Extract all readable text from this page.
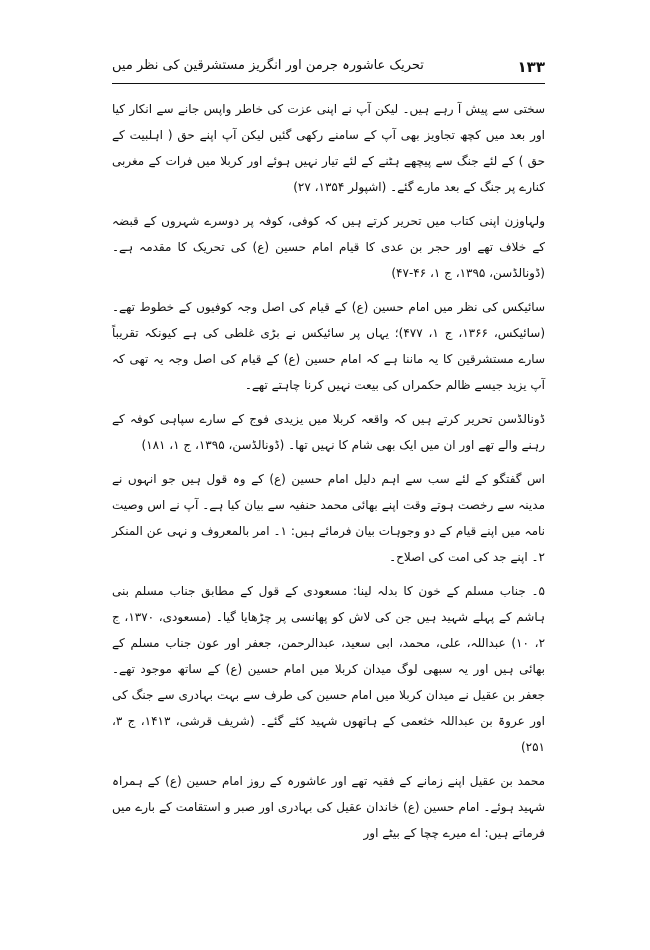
۱۳۳
تحریک عاشورہ جرمن اور انگریز مستشرقین کی نظر میں

سختی سے پیش آ رہے ہیں۔ لیکن آپ نے اپنی عزت کی خاطر واپس جانے سے انکار کیا اور بعد میں کچھ تجاویز بھی آپ کے سامنے رکھی گئیں لیکن آپ اپنے حق ( اہلبیت کے حق ) کے لئے جنگ سے پیچھے ہٹنے کے لئے تیار نہیں ہوئے اور کربلا میں فرات کے مغربی کنارے پر جنگ کے بعد مارے گئے۔ (اشپولر ۱۳۵۴، ۲۷)

ولہاوزن اپنی کتاب میں تحریر کرتے ہیں کہ کوفی، کوفہ پر دوسرے شہروں کے قبضہ کے خلاف تھے اور حجر بن عدی کا قیام امام حسین (ع) کی تحریک کا مقدمہ ہے۔ (ڈونالڈسن، ۱۳۹۵، ج ۱، ۴۶-۴۷)

سائیکس کی نظر میں امام حسین (ع) کے قیام کی اصل وجہ کوفیوں کے خطوط تھے۔ (سائیکس، ۱۳۶۶، ج ۱، ۴۷۷)؛ یہاں پر سائیکس نے بڑی غلطی کی ہے کیونکہ تقریباً سارے مستشرقین کا یہ ماننا ہے کہ امام حسین (ع) کے قیام کی اصل وجہ یہ تھی کہ آپ یزید جیسے ظالم حکمراں کی بیعت نہیں کرنا چاہتے تھے۔

ڈونالڈسن تحریر کرتے ہیں کہ واقعہ کربلا میں یزیدی فوج کے سارے سپاہی کوفہ کے رہنے والے تھے اور ان میں ایک بھی شام کا نہیں تھا۔ (ڈونالڈسن، ۱۳۹۵، ج ۱، ۱۸۱)

اس گفتگو کے لئے سب سے اہم دلیل امام حسین (ع) کے وہ قول ہیں جو انہوں نے مدینہ سے رخصت ہوتے وقت اپنے بھائی محمد حنفیہ سے بیان کیا ہے۔ آپ نے اس وصیت نامہ میں اپنے قیام کے دو وجوہات بیان فرمائے ہیں: ۱۔ امر بالمعروف و نہی عن المنکر ۲۔ اپنے جد کی امت کی اصلاح۔

۵۔ جناب مسلم کے خون کا بدلہ لینا: مسعودی کے قول کے مطابق جناب مسلم بنی ہاشم کے پہلے شہید ہیں جن کی لاش کو پھانسی پر چڑھایا گیا۔ (مسعودی، ۱۳۷۰، ج ۲، ۱۰) عبداللہ، علی، محمد، ابی سعید، عبدالرحمن، جعفر اور عون جناب مسلم کے بھائی ہیں اور یہ سبھی لوگ میدان کربلا میں امام حسین (ع) کے ساتھ موجود تھے۔ جعفر بن عقیل نے میدان کربلا میں امام حسین کی طرف سے بہت بہادری سے جنگ کی اور عروۃ بن عبداللہ خثعمی کے ہاتھوں شہید کئے گئے۔ (شریف قرشی، ۱۴۱۳، ج ۳، ۲۵۱)

محمد بن عقیل اپنے زمانے کے فقیہ تھے اور عاشورہ کے روز امام حسین (ع) کے ہمراہ شہید ہوئے۔ امام حسین (ع) خاندان عقیل کی بہادری اور صبر و استقامت کے بارے میں فرماتے ہیں: اے میرے چچا کے بیٹے اور
